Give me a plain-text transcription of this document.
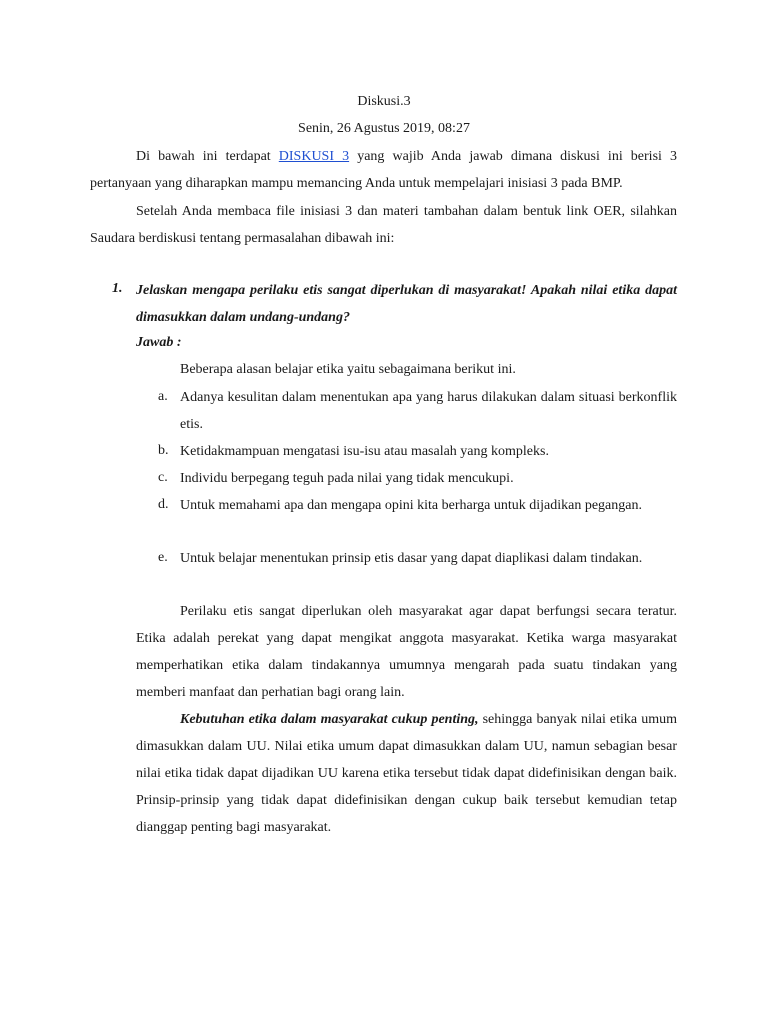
Diskusi.3
Senin, 26 Agustus 2019, 08:27
Di bawah ini terdapat DISKUSI 3 yang wajib Anda jawab dimana diskusi ini berisi 3 pertanyaan yang diharapkan mampu memancing Anda untuk mempelajari inisiasi 3 pada BMP.
Setelah Anda membaca file inisiasi 3 dan materi tambahan dalam bentuk link OER, silahkan Saudara berdiskusi tentang permasalahan dibawah ini:
1. Jelaskan mengapa perilaku etis sangat diperlukan di masyarakat! Apakah nilai etika dapat dimasukkan dalam undang-undang?
Jawab :
Beberapa alasan belajar etika yaitu sebagaimana berikut ini.
a. Adanya kesulitan dalam menentukan apa yang harus dilakukan dalam situasi berkonflik etis.
b. Ketidakmampuan mengatasi isu-isu atau masalah yang kompleks.
c. Individu berpegang teguh pada nilai yang tidak mencukupi.
d. Untuk memahami apa dan mengapa opini kita berharga untuk dijadikan pegangan.
e. Untuk belajar menentukan prinsip etis dasar yang dapat diaplikasi dalam tindakan.
Perilaku etis sangat diperlukan oleh masyarakat agar dapat berfungsi secara teratur. Etika adalah perekat yang dapat mengikat anggota masyarakat. Ketika warga masyarakat memperhatikan etika dalam tindakannya umumnya mengarah pada suatu tindakan yang memberi manfaat dan perhatian bagi orang lain.
Kebutuhan etika dalam masyarakat cukup penting, sehingga banyak nilai etika umum dimasukkan dalam UU. Nilai etika umum dapat dimasukkan dalam UU, namun sebagian besar nilai etika tidak dapat dijadikan UU karena etika tersebut tidak dapat didefinisikan dengan baik. Prinsip-prinsip yang tidak dapat didefinisikan dengan cukup baik tersebut kemudian tetap dianggap penting bagi masyarakat.
